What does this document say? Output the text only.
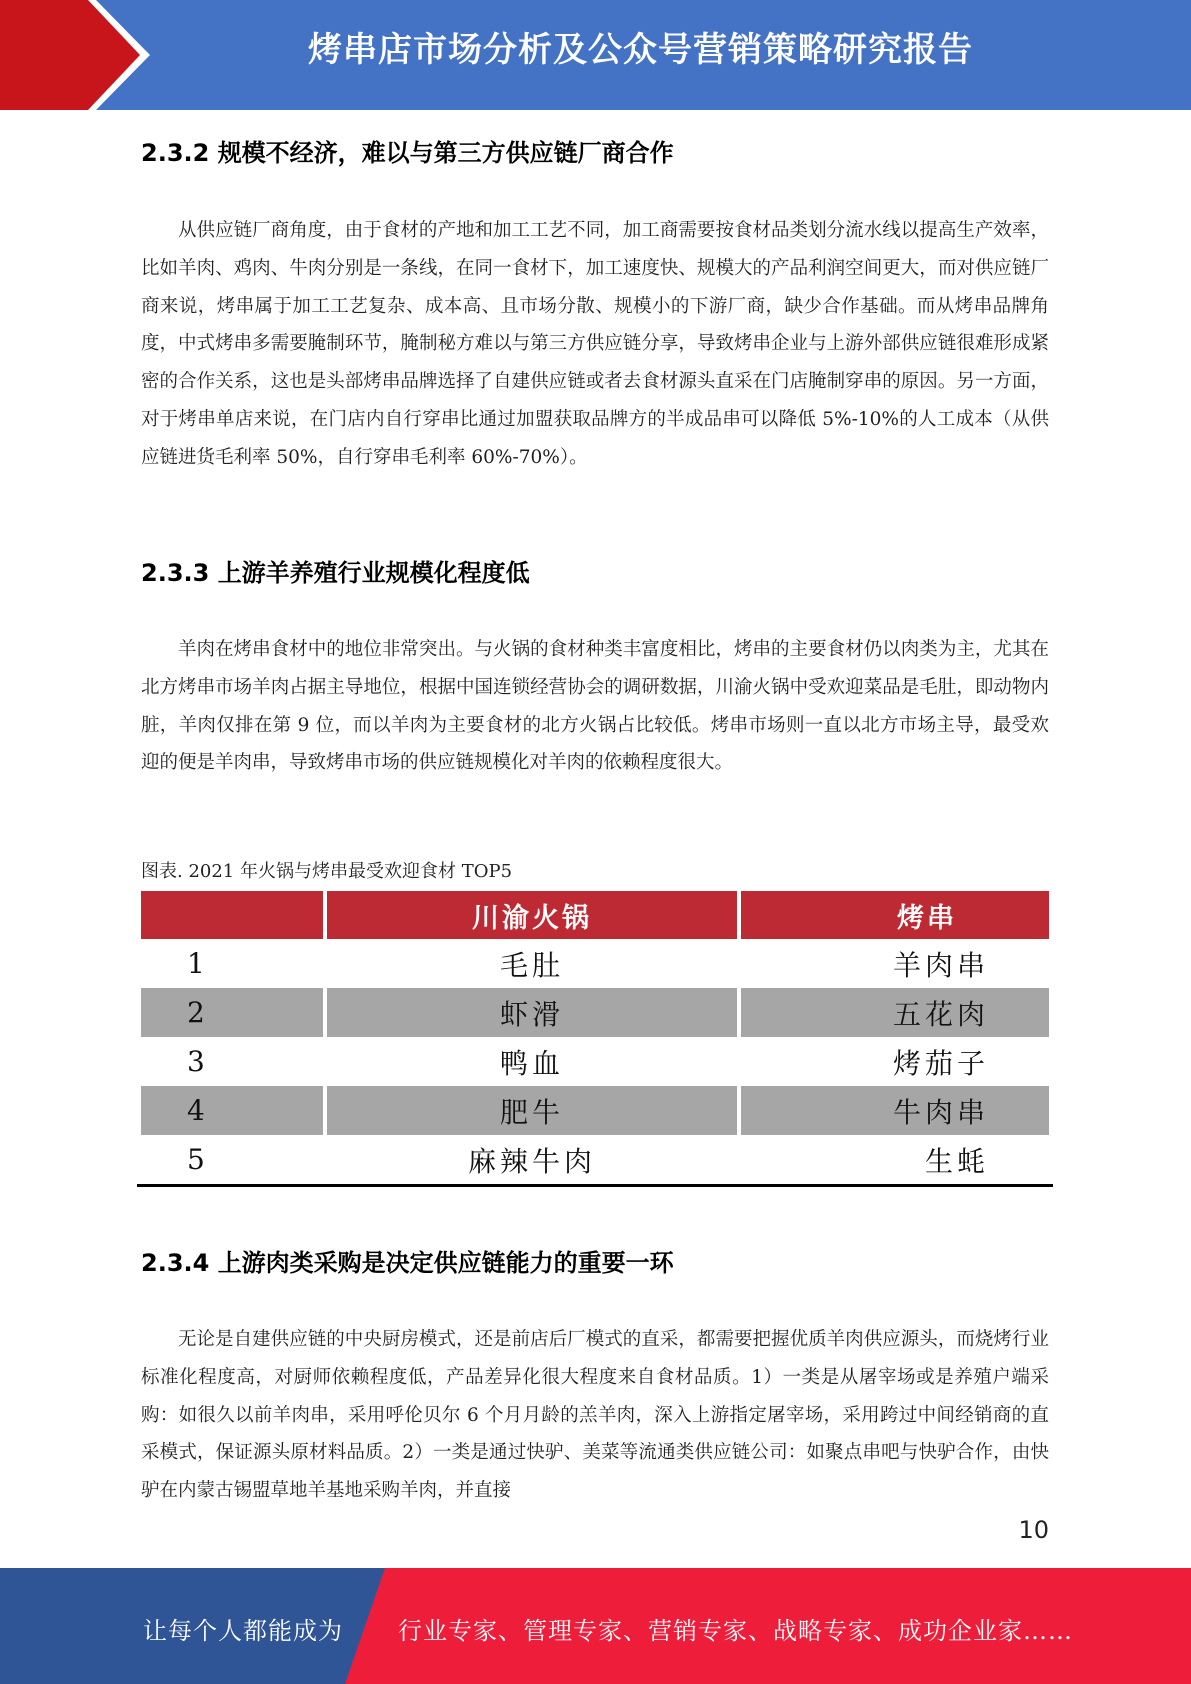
烤串店市场分析及公众号营销策略研究报告
2.3.2 规模不经济，难以与第三方供应链厂商合作

从供应链厂商角度，由于食材的产地和加工工艺不同，加工商需要按食材品类划分流水线以提高生产效率，比如羊肉、鸡肉、牛肉分别是一条线，在同一食材下，加工速度快、规模大的产品利润空间更大，而对供应链厂商来说，烤串属于加工工艺复杂、成本高、且市场分散、规模小的下游厂商，缺少合作基础。而从烤串品牌角度，中式烤串多需要腌制环节，腌制秘方难以与第三方供应链分享，导致烤串企业与上游外部供应链很难形成紧密的合作关系，这也是头部烤串品牌选择了自建供应链或者去食材源头直采在门店腌制穿串的原因。另一方面，对于烤串单店来说，在门店内自行穿串比通过加盟获取品牌方的半成品串可以降低 5%-10%的人工成本（从供应链进货毛利率 50%，自行穿串毛利率 60%-70%）。

2.3.3 上游羊养殖行业规模化程度低

羊肉在烤串食材中的地位非常突出。与火锅的食材种类丰富度相比，烤串的主要食材仍以肉类为主，尤其在北方烤串市场羊肉占据主导地位，根据中国连锁经营协会的调研数据，川渝火锅中受欢迎菜品是毛肚，即动物内脏，羊肉仅排在第 9 位，而以羊肉为主要食材的北方火锅占比较低。烤串市场则一直以北方市场主导，最受欢迎的便是羊肉串，导致烤串市场的供应链规模化对羊肉的依赖程度很大。

图表. 2021 年火锅与烤串最受欢迎食材 TOP5
	川渝火锅	烤串
1	毛肚	羊肉串
2	虾滑	五花肉
3	鸭血	烤茄子
4	肥牛	牛肉串
5	麻辣牛肉	生蚝
2.3.4 上游肉类采购是决定供应链能力的重要一环

无论是自建供应链的中央厨房模式，还是前店后厂模式的直采，都需要把握优质羊肉供应源头，而烧烤行业标准化程度高，对厨师依赖程度低，产品差异化很大程度来自食材品质。1）一类是从屠宰场或是养殖户端采购：如很久以前羊肉串，采用呼伦贝尔 6 个月月龄的羔羊肉，深入上游指定屠宰场，采用跨过中间经销商的直采模式，保证源头原材料品质。2）一类是通过快驴、美菜等流通类供应链公司：如聚点串吧与快驴合作，由快驴在内蒙古锡盟草地羊基地采购羊肉，并直接

10
让每个人都能成为 行业专家、管理专家、营销专家、战略专家、成功企业家……
